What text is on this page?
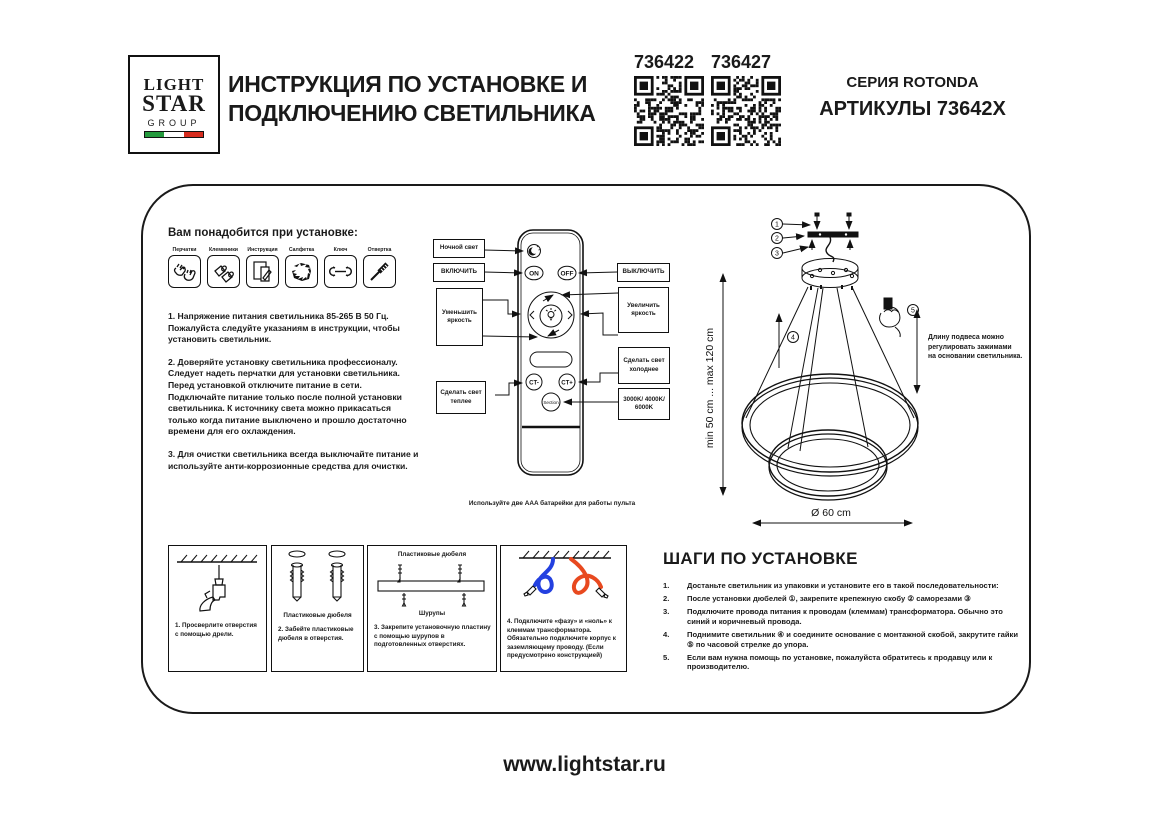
LIGHT
STAR
GROUP
ИНСТРУКЦИЯ ПО УСТАНОВКЕ И
ПОДКЛЮЧЕНИЮ СВЕТИЛЬНИКА
736422 736427
СЕРИЯ ROTONDA
АРТИКУЛЫ 73642X
Вам понадобится при установке:
Перчатки Клеммники Инструкция Салфетка	Ключ	Отвертка

1. Напряжение питания светильника 85-265 В 50 Гц. Пожалуйста следуйте указаниям в инструкции, чтобы установить светильник.

2. Доверяйте установку светильника профессионалу. Следует надеть перчатки для установки светильника. Перед установкой отключите питание в сети. Подключайте питание только после полной установки светильника. К источнику света можно прикасаться только когда питание выключено и прошло достаточно времени для его охлаждения.

3. Для очистки светильника всегда выключайте питание и используйте анти-коррозионные средства для очистки.

ON	OFF
CT-	CT+
Section
Ночной свет
ВКЛЮЧИТЬ	ВЫКЛЮЧИТЬ
Уменьшить яркость
Увеличить яркость
Сделать свет теплее
Сделать свет холоднее
3000K/ 4000K/ 6000K
Используйте две AAA батарейки для работы пульта
1
2
3
4
5
min 50 cm ... max 120 cm
Ø 60 cm
Длину подвеса можно
регулировать зажимами
на основании светильника.
1. Просверлите отверстия с помощью дрели.
Пластиковые дюбеля
2. Забейте пластиковые дюбеля в отверстия.
Пластиковые дюбеля
Шурупы
3. Закрепите установочную пластину с помощью шурупов в подготовленных отверстиях.
4. Подключите «фазу» и «ноль» к клеммам трансформатора. Обязательно подключите корпус к заземляющему проводу. (Если предусмотрено конструкцией)
ШАГИ ПО УСТАНОВКЕ
1.	Достаньте светильник из упаковки и установите его в такой последовательности:
2.	После установки дюбелей ①, закрепите крепежную скобу ② саморезами ③
3.	Подключите провода питания к проводам (клеммам) трансформатора. Обычно это синий и коричневый провода.
4.	Поднимите светильник ④ и соедините основание с монтажной скобой, закрутите гайки ⑤ по часовой стрелке до упора.
5.	Если вам нужна помощь по установке, пожалуйста обратитесь к продавцу или к производителю.
www.lightstar.ru
